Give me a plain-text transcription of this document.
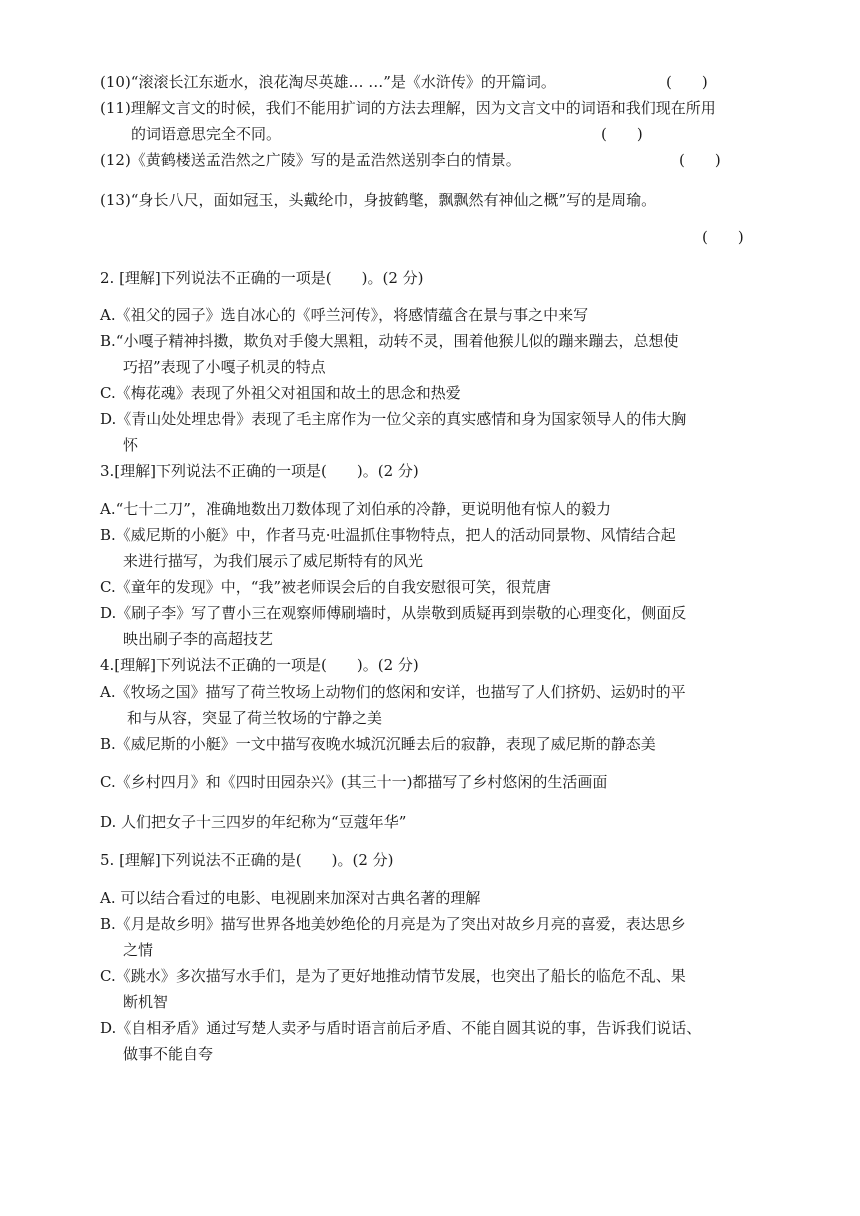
(10)“滚滚长江东逝水，浪花淘尽英雄… …”是《水浒传》的开篇词。	(　　)
(11)理解文言文的时候，我们不能用扩词的方法去理解，因为文言文中的词语和我们现在所用
的词语意思完全不同。	(　　)
(12)《黄鹤楼送孟浩然之广陵》写的是孟浩然送别李白的情景。	(　　)
(13)“身长八尺，面如冠玉，头戴纶巾，身披鹤氅，飘飘然有神仙之概”写的是周瑜。
(　　)
2. [理解]下列说法不正确的一项是(　　)。(2 分)
A.《祖父的园子》选自冰心的《呼兰河传》，将感情蕴含在景与事之中来写
B.“小嘎子精神抖擞，欺负对手傻大黑粗，动转不灵，围着他猴儿似的蹦来蹦去，总想使
巧招”表现了小嘎子机灵的特点
C.《梅花魂》表现了外祖父对祖国和故土的思念和热爱
D.《青山处处埋忠骨》表现了毛主席作为一位父亲的真实感情和身为国家领导人的伟大胸
怀
3.[理解]下列说法不正确的一项是(　　)。(2 分)
A.“七十二刀”，准确地数出刀数体现了刘伯承的冷静，更说明他有惊人的毅力
B.《威尼斯的小艇》中，作者马克·吐温抓住事物特点，把人的活动同景物、风情结合起
来进行描写，为我们展示了威尼斯特有的风光
C.《童年的发现》中，“我”被老师误会后的自我安慰很可笑，很荒唐
D.《刷子李》写了曹小三在观察师傅刷墙时，从崇敬到质疑再到崇敬的心理变化，侧面反
映出刷子李的高超技艺
4.[理解]下列说法不正确的一项是(　　)。(2 分)
A.《牧场之国》描写了荷兰牧场上动物们的悠闲和安详，也描写了人们挤奶、运奶时的平
和与从容，突显了荷兰牧场的宁静之美
B.《威尼斯的小艇》一文中描写夜晚水城沉沉睡去后的寂静，表现了威尼斯的静态美
C.《乡村四月》和《四时田园杂兴》(其三十一)都描写了乡村悠闲的生活画面
D. 人们把女子十三四岁的年纪称为“豆蔻年华”
5. [理解]下列说法不正确的是(　　)。(2 分)
A. 可以结合看过的电影、电视剧来加深对古典名著的理解
B.《月是故乡明》描写世界各地美妙绝伦的月亮是为了突出对故乡月亮的喜爱，表达思乡
之情
C.《跳水》多次描写水手们，是为了更好地推动情节发展，也突出了船长的临危不乱、果
断机智
D.《自相矛盾》通过写楚人卖矛与盾时语言前后矛盾、不能自圆其说的事，告诉我们说话、
做事不能自夸
